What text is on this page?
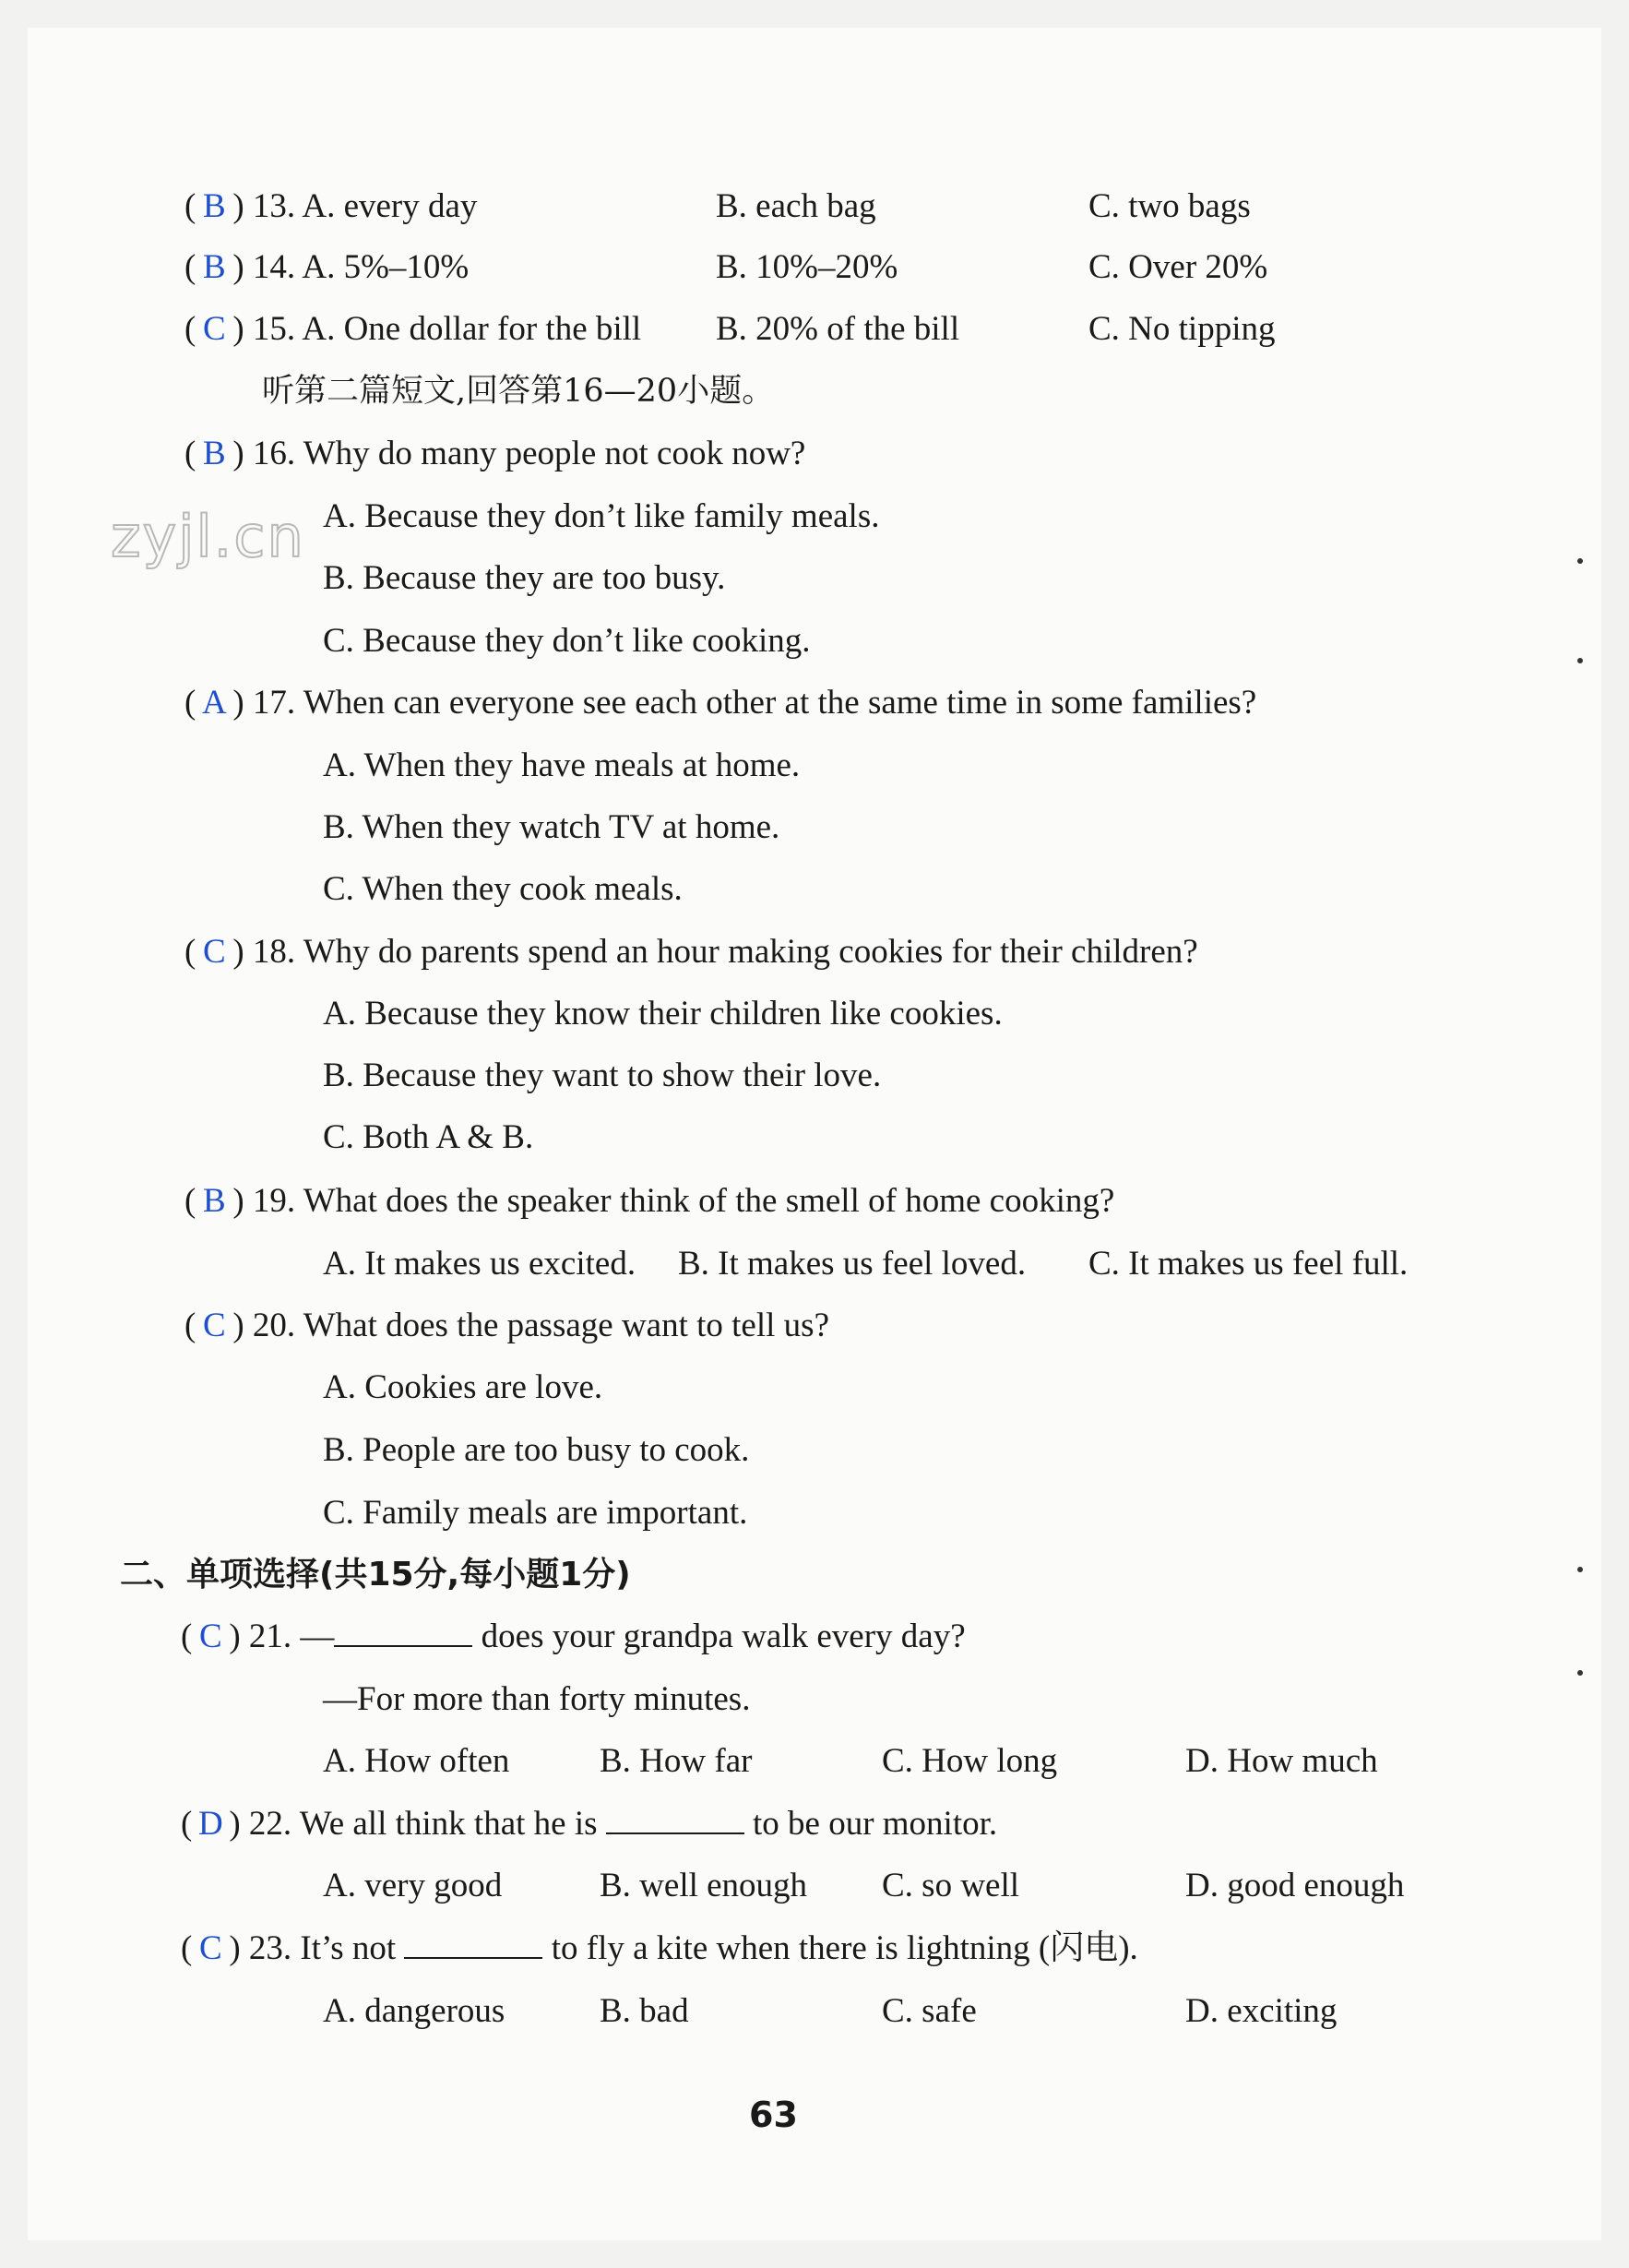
( B ) 13. A. every day	B. each bag	C. two bags
( B ) 14. A. 5%–10%	B. 10%–20%	C. Over 20%
( C ) 15. A. One dollar for the bill B. 20% of the bill	C. No tipping
听第二篇短文,回答第16—20小题。
zyjl.cn
( B ) 16. Why do many people not cook now?
A. Because they don’t like family meals.
B. Because they are too busy.
C. Because they don’t like cooking.
( A ) 17. When can everyone see each other at the same time in some families?
A. When they have meals at home.
B. When they watch TV at home.
C. When they cook meals.
( C ) 18. Why do parents spend an hour making cookies for their children?
A. Because they know their children like cookies.
B. Because they want to show their love.
C. Both A & B.
( B ) 19. What does the speaker think of the smell of home cooking?
A. It makes us excited. B. It makes us feel loved. C. It makes us feel full.
( C ) 20. What does the passage want to tell us?
A. Cookies are love.
B. People are too busy to cook.
C. Family meals are important.
二、单项选择(共15分,每小题1分)
( C ) 21. —	does your grandpa walk every day?
—For more than forty minutes.
A. How often	B. How far	C. How long	D. How much
( D ) 22. We all think that he is	to be our monitor.
A. very good	B. well enough C. so well	D. good enough
( C ) 23. It’s not	to fly a kite when there is lightning (闪电).
A. dangerous	B. bad	C. safe	D. exciting
63
